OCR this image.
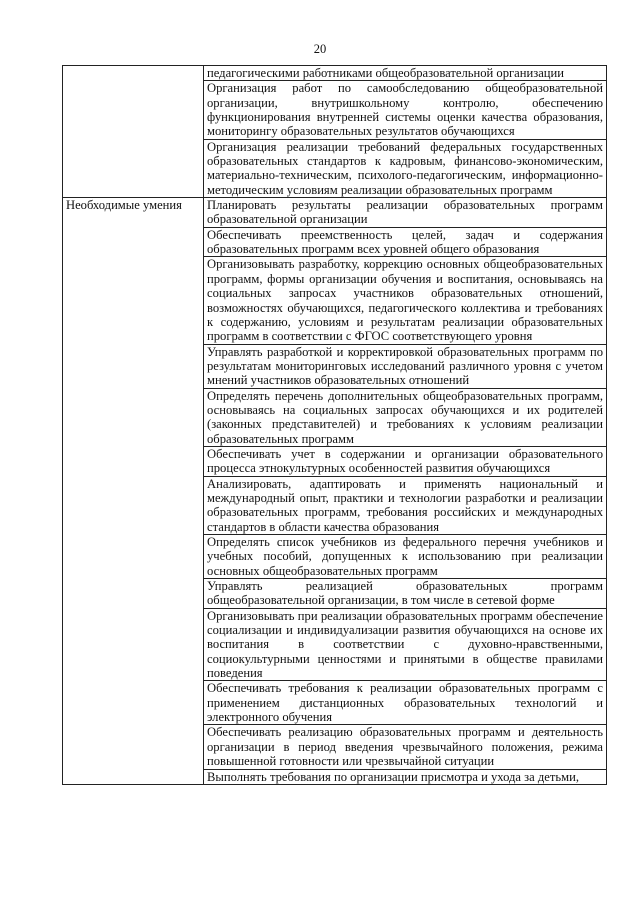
20
	педагогическими работниками общеобразовательной организации
	Организация работ по самообследованию общеобразовательной организации, внутришкольному контролю, обеспечению функционирования внутренней системы оценки качества образования, мониторингу образовательных результатов обучающихся
	Организация реализации требований федеральных государственных образовательных стандартов к кадровым, финансово-экономическим, материально-техническим, психолого-педагогическим, информационно-методическим условиям реализации образовательных программ
Необходимые умения	Планировать результаты реализации образовательных программ образовательной организации
	Обеспечивать преемственность целей, задач и содержания образовательных программ всех уровней общего образования
	Организовывать разработку, коррекцию основных общеобразовательных программ, формы организации обучения и воспитания, основываясь на социальных запросах участников образовательных отношений, возможностях обучающихся, педагогического коллектива и требованиях к содержанию, условиям и результатам реализации образовательных программ в соответствии с ФГОС соответствующего уровня
	Управлять разработкой и корректировкой образовательных программ по результатам мониторинговых исследований различного уровня с учетом мнений участников образовательных отношений
	Определять перечень дополнительных общеобразовательных программ, основываясь на социальных запросах обучающихся и их родителей (законных представителей) и требованиях к условиям реализации образовательных программ
	Обеспечивать учет в содержании и организации образовательного процесса этнокультурных особенностей развития обучающихся
	Анализировать, адаптировать и применять национальный и международный опыт, практики и технологии разработки и реализации образовательных программ, требования российских и международных стандартов в области качества образования
	Определять список учебников из федерального перечня учебников и учебных пособий, допущенных к использованию при реализации основных общеобразовательных программ
	Управлять реализацией образовательных программ общеобразовательной организации, в том числе в сетевой форме
	Организовывать при реализации образовательных программ обеспечение социализации и индивидуализации развития обучающихся на основе их воспитания в соответствии с духовно-нравственными, социокультурными ценностями и принятыми в обществе правилами поведения
	Обеспечивать требования к реализации образовательных программ с применением дистанционных образовательных технологий и электронного обучения
	Обеспечивать реализацию образовательных программ и деятельность организации в период введения чрезвычайного положения, режима повышенной готовности или чрезвычайной ситуации
	Выполнять требования по организации присмотра и ухода за детьми,
